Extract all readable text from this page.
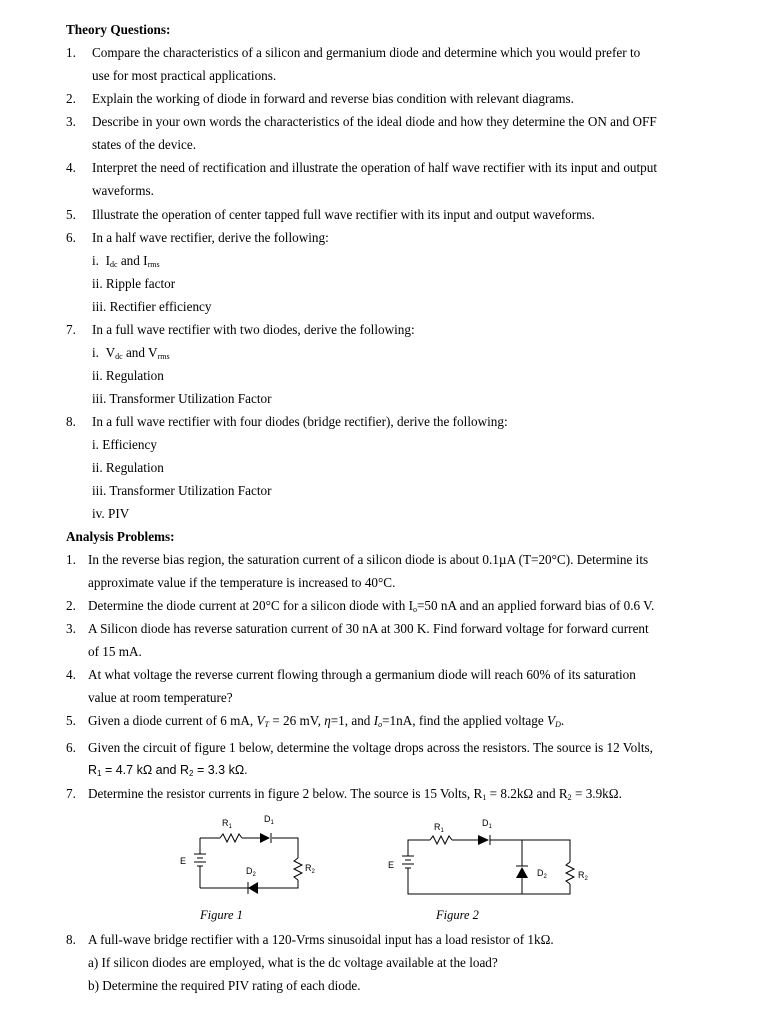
Theory Questions:
1. Compare the characteristics of a silicon and germanium diode and determine which you would prefer to
use for most practical applications.
2. Explain the working of diode in forward and reverse bias condition with relevant diagrams.
3. Describe in your own words the characteristics of the ideal diode and how they determine the ON and OFF
states of the device.
4. Interpret the need of rectification and illustrate the operation of half wave rectifier with its input and output
waveforms.
5. Illustrate the operation of center tapped full wave rectifier with its input and output waveforms.
6. In a half wave rectifier, derive the following:
i. $I_{dc}$ and $I_{rms}$
ii. Ripple factor
iii. Rectifier efficiency
7. In a full wave rectifier with two diodes, derive the following:
i. $V_{dc}$ and $V_{rms}$
ii. Regulation
iii. Transformer Utilization Factor
8. In a full wave rectifier with four diodes (bridge rectifier), derive the following:
i. Efficiency
ii. Regulation
iii. Transformer Utilization Factor
iv. PIV
Analysis Problems:
1. In the reverse bias region, the saturation current of a silicon diode is about 0.1µA (T=20°C). Determine its
approximate value if the temperature is increased to 40°C.
2. Determine the diode current at 20°C for a silicon diode with $I_o=50$ nA and an applied forward bias of 0.6 V.
3. A Silicon diode has reverse saturation current of 30 nA at 300 K. Find forward voltage for forward current
of 15 mA.
4. At what voltage the reverse current flowing through a germanium diode will reach 60% of its saturation
value at room temperature?
5. Given a diode current of 6 mA, $V_T = 26$ mV, η=1, and $I_o=1nA$, find the applied voltage $V_D$.
6. Given the circuit of figure 1 below, determine the voltage drops across the resistors. The source is 12 Volts,
$R_1 = 4.7$ kΩ and $R_2 = 3.3$ kΩ.
7. Determine the resistor currents in figure 2 below. The source is 15 Volts, $R_1 = 8.2k\Omega$ and $R_2 = 3.9k\Omega$.
$R_1$
$D_1$
$D_2$
$R_2$
E
Figure 1
$R_1$
$D_1$
$D_2$	$R_2$
E
Figure 2
8. A full-wave bridge rectifier with a 120-Vrms sinusoidal input has a load resistor of 1kΩ.
a) If silicon diodes are employed, what is the dc voltage available at the load?
b) Determine the required PIV rating of each diode.
